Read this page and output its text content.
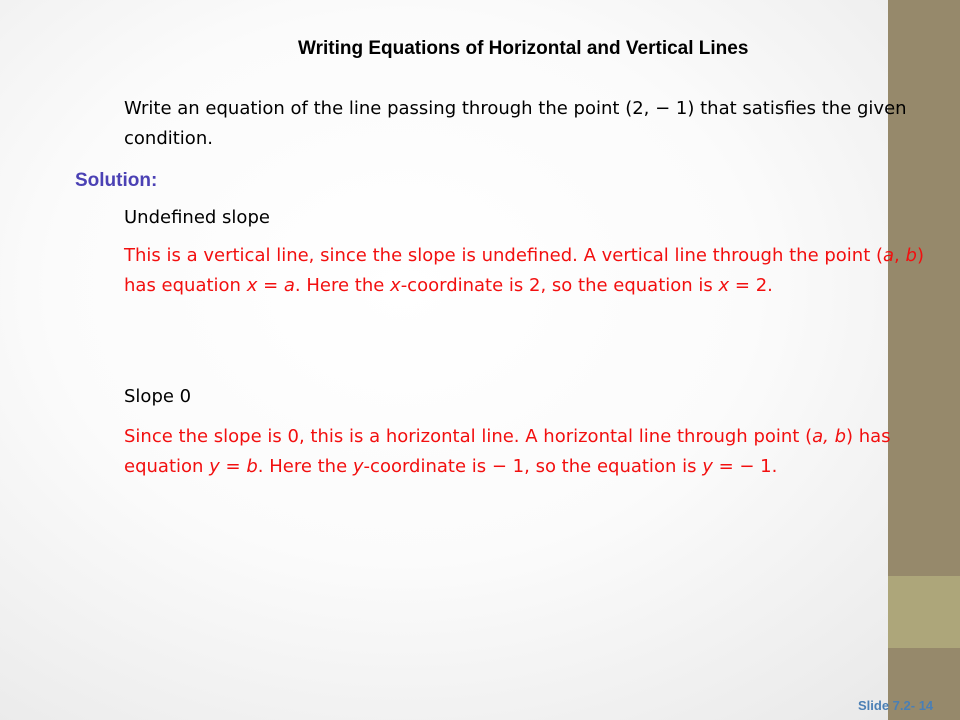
Writing Equations of Horizontal and Vertical Lines

Write an equation of the line passing through the point (2, − 1) that satisfies the given condition.

Solution:

Undefined slope

This is a vertical line, since the slope is undefined. A vertical line through the point (a, b) has equation x = a. Here the x-coordinate is 2, so the equation is x = 2.

Slope 0

Since the slope is 0, this is a horizontal line. A horizontal line through point (a, b) has equation y = b. Here the y-coordinate is − 1, so the equation is y = − 1.

Slide 7.2- 14
